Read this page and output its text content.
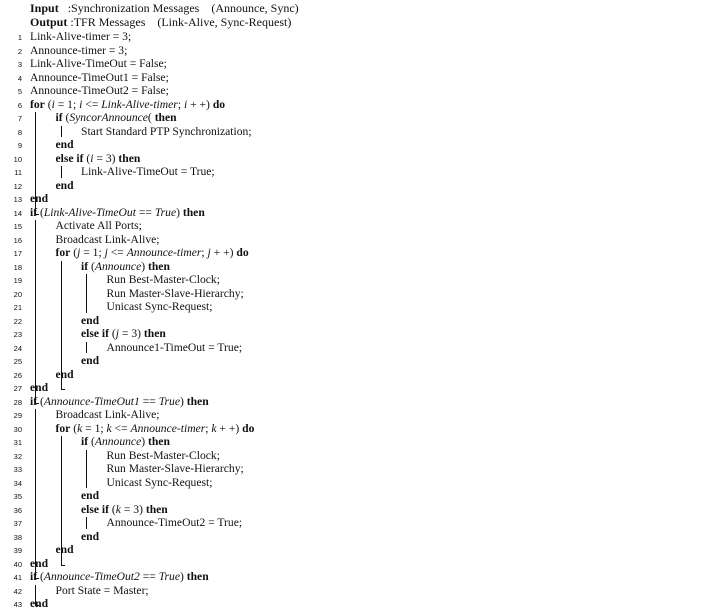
Input :Synchronization Messages    (Announce, Sync)
Output :TFR Messages    (Link-Alive, Sync-Request)
1 Link-Alive-timer = 3;
2 Announce-timer = 3;
3 Link-Alive-TimeOut = False;
4 Announce-TimeOut1 = False;
5 Announce-TimeOut2 = False;
6 for (i = 1; i <= Link-Alive-timer; i + +) do
7	if (SyncorAnnounce( then
8	Start Standard PTP Synchronization;
9	end
10	else if (i = 3) then
11	Link-Alive-TimeOut = True;
12	end
13 end
14 if (Link-Alive-TimeOut == True) then
15	Activate All Ports;
16	Broadcast Link-Alive;
17	for (j = 1; j <= Announce-timer; j + +) do
18	if (Announce) then
19	Run Best-Master-Clock;
20	Run Master-Slave-Hierarchy;
21	Unicast Sync-Request;
22	end
23	else if (j = 3) then
24	Announce1-TimeOut = True;
25	end
26	end
27 end
28 if (Announce-TimeOut1 == True) then
29	Broadcast Link-Alive;
30	for (k = 1; k <= Announce-timer; k + +) do
31	if (Announce) then
32	Run Best-Master-Clock;
33	Run Master-Slave-Hierarchy;
34	Unicast Sync-Request;
35	end
36	else if (k = 3) then
37	Announce-TimeOut2 = True;
38	end
39	end
40 end
41 if (Announce-TimeOut2 == True) then
42	Port State = Master;
43 end
